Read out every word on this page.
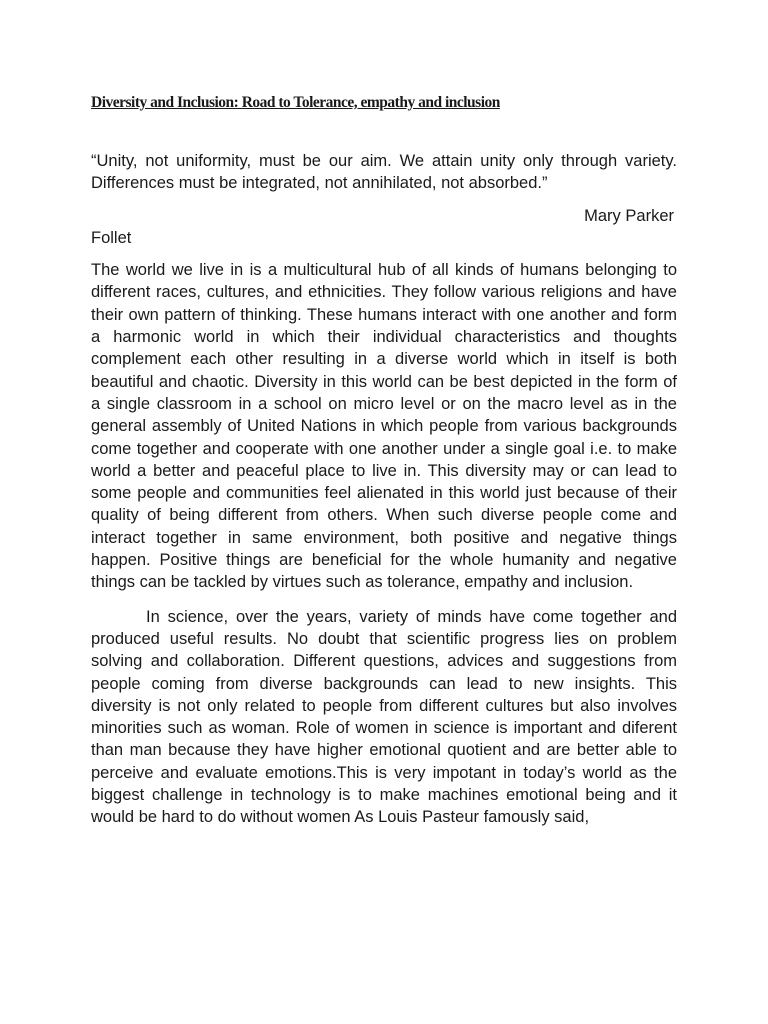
Diversity and Inclusion: Road to Tolerance, empathy and inclusion

“Unity, not uniformity, must be our aim. We attain unity only through variety. Differences must be integrated, not annihilated, not absorbed.”

Mary Parker

Follet

The world we live in is a multicultural hub of all kinds of humans belonging to different races, cultures, and ethnicities. They follow various religions and have their own pattern of thinking. These humans interact with one another and form a harmonic world in which their individual characteristics and thoughts complement each other resulting in a diverse world which in itself is both beautiful and chaotic. Diversity in this world can be best depicted in the form of a single classroom in a school on micro level or on the macro level as in the general assembly of United Nations in which people from various backgrounds come together and cooperate with one another under a single goal i.e. to make world a better and peaceful place to live in. This diversity may or can lead to some people and communities feel alienated in this world just because of their quality of being different from others. When such diverse people come and interact together in same environment, both positive and negative things happen. Positive things are beneficial for the whole humanity and negative things can be tackled by virtues such as tolerance, empathy and inclusion.

In science, over the years, variety of minds have come together and produced useful results. No doubt that scientific progress lies on problem solving and collaboration. Different questions, advices and suggestions from people coming from diverse backgrounds can lead to new insights. This diversity is not only related to people from different cultures but also involves minorities such as woman. Role of women in science is important and diferent than man because they have higher emotional quotient and are better able to perceive and evaluate emotions.This is very impotant in today’s world as the biggest challenge in technology is to make machines emotional being and it would be hard to do without women As Louis Pasteur famously said,
